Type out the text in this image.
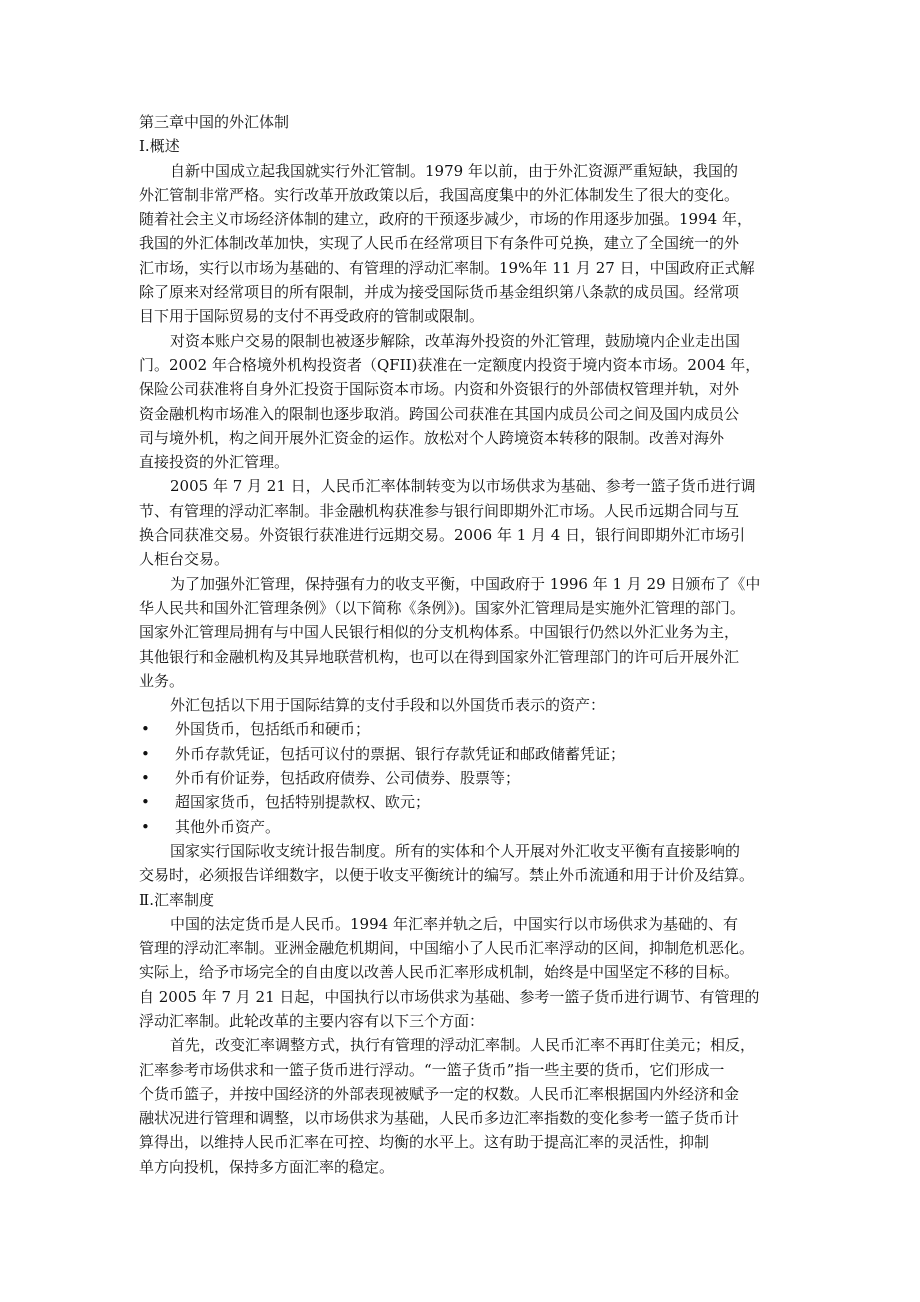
第三章中国的外汇体制
I.概述
自新中国成立起我国就实行外汇管制。1979 年以前，由于外汇资源严重短缺，我国的
外汇管制非常严格。实行改革开放政策以后，我国高度集中的外汇体制发生了很大的变化。
随着社会主义市场经济体制的建立，政府的干预逐步减少，市场的作用逐步加强。1994 年，
我国的外汇体制改革加快，实现了人民币在经常项目下有条件可兑换，建立了全国统一的外
汇市场，实行以市场为基础的、有管理的浮动汇率制。19%年 11 月 27 日，中国政府正式解
除了原来对经常项目的所有限制，并成为接受国际货币基金组织第八条款的成员国。经常项
目下用于国际贸易的支付不再受政府的管制或限制。
对资本账户交易的限制也被逐步解除，改革海外投资的外汇管理，鼓励境内企业走出国
门。2002 年合格境外机构投资者（QFII)获准在一定额度内投资于境内资本市场。2004 年，
保险公司获准将自身外汇投资于国际资本市场。内资和外资银行的外部债权管理并轨，对外
资金融机构市场准入的限制也逐步取消。跨国公司获准在其国内成员公司之间及国内成员公
司与境外机，构之间开展外汇资金的运作。放松对个人跨境资本转移的限制。改善对海外
直接投资的外汇管理。
2005 年 7 月 21 日，人民币汇率体制转变为以市场供求为基础、参考一篮子货币进行调
节、有管理的浮动汇率制。非金融机构获准参与银行间即期外汇市场。人民币远期合同与互
换合同获准交易。外资银行获准进行远期交易。2006 年 1 月 4 日，银行间即期外汇市场引
人柜台交易。
为了加强外汇管理，保持强有力的收支平衡，中国政府于 1996 年 1 月 29 日颁布了《中
华人民共和国外汇管理条例》（以下简称《条例》)。国家外汇管理局是实施外汇管理的部门。
国家外汇管理局拥有与中国人民银行相似的分支机构体系。中国银行仍然以外汇业务为主，
其他银行和金融机构及其异地联营机构，也可以在得到国家外汇管理部门的许可后开展外汇
业务。
外汇包括以下用于国际结算的支付手段和以外国货币表示的资产：
•	外国货币，包括纸币和硬币；
•	外币存款凭证，包括可议付的票据、银行存款凭证和邮政储蓄凭证；
•	外币有价证券，包括政府债券、公司债券、股票等；
•	超国家货币，包括特别提款权、欧元；
•	其他外币资产。
国家实行国际收支统计报告制度。所有的实体和个人开展对外汇收支平衡有直接影响的
交易时，必须报告详细数字，以便于收支平衡统计的编写。禁止外币流通和用于计价及结算。
Ⅱ.汇率制度
中国的法定货币是人民币。1994 年汇率并轨之后，中国实行以市场供求为基础的、有
管理的浮动汇率制。亚洲金融危机期间，中国缩小了人民币汇率浮动的区间，抑制危机恶化。
实际上，给予市场完全的自由度以改善人民币汇率形成机制，始终是中国坚定不移的目标。
自 2005 年 7 月 21 日起，中国执行以市场供求为基础、参考一篮子货币进行调节、有管理的
浮动汇率制。此轮改革的主要内容有以下三个方面：
首先，改变汇率调整方式，执行有管理的浮动汇率制。人民币汇率不再盯住美元；相反，
汇率参考市场供求和一篮子货币进行浮动。“一篮子货币”指一些主要的货币，它们形成一
个货币篮子，并按中国经济的外部表现被赋予一定的权数。人民币汇率根据国内外经济和金
融状况进行管理和调整，以市场供求为基础，人民币多边汇率指数的变化参考一篮子货币计
算得出，以维持人民币汇率在可控、均衡的水平上。这有助于提高汇率的灵活性，抑制
单方向投机，保持多方面汇率的稳定。
